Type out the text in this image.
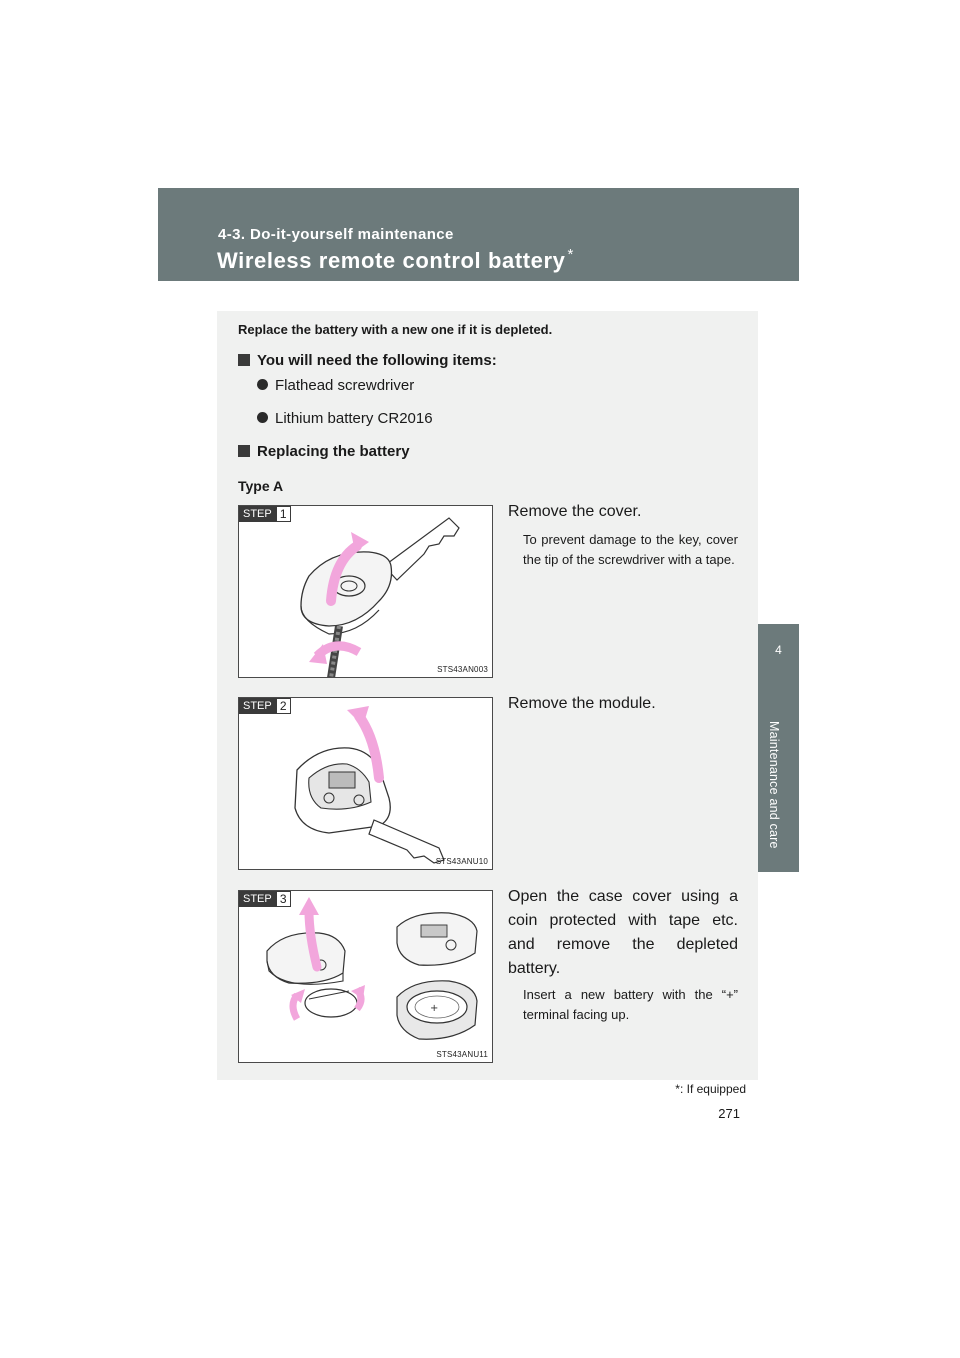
4-3. Do-it-yourself maintenance
Wireless remote control battery *
4
Maintenance and care
Replace the battery with a new one if it is depleted.
You will need the following items:
Flathead screwdriver
Lithium battery CR2016
Replacing the battery
Type A
STEP 1
STS43AN003
Remove the cover.
To prevent damage to the key, cover the tip of the screwdriver with a tape.
STEP 2
STS43ANU10
Remove the module.
+
STEP 3
STS43ANU11
Open the case cover using a coin protected with tape etc. and remove the depleted battery.
Insert a new battery with the “+” terminal facing up.
*: If equipped
271
